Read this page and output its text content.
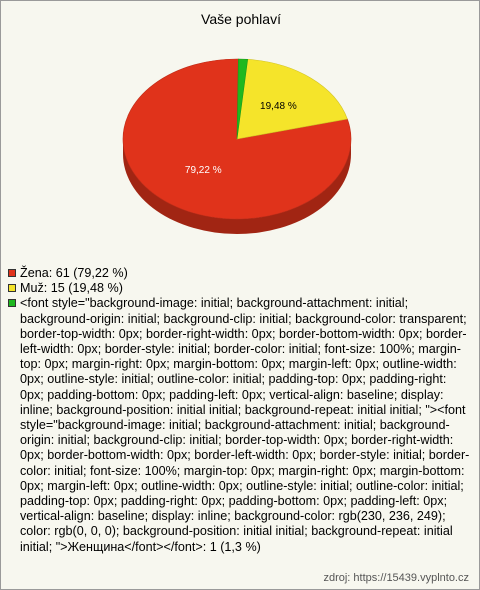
Vaše pohlaví
79,22 %
19,48 %
Žena: 61 (79,22 %)
Muž: 15 (19,48 %)
<font style="background-image: initial; background-attachment: initial; background-origin: initial; background-clip: initial; background-color: transparent; border-top-width: 0px; border-right-width: 0px; border-bottom-width: 0px; border-left-width: 0px; border-style: initial; border-color: initial; font-size: 100%; margin-top: 0px; margin-right: 0px; margin-bottom: 0px; margin-left: 0px; outline-width: 0px; outline-style: initial; outline-color: initial; padding-top: 0px; padding-right: 0px; padding-bottom: 0px; padding-left: 0px; vertical-align: baseline; display: inline; background-position: initial initial; background-repeat: initial initial; "><font style="background-image: initial; background-attachment: initial; background-origin: initial; background-clip: initial; border-top-width: 0px; border-right-width: 0px; border-bottom-width: 0px; border-left-width: 0px; border-style: initial; border-color: initial; font-size: 100%; margin-top: 0px; margin-right: 0px; margin-bottom: 0px; margin-left: 0px; outline-width: 0px; outline-style: initial; outline-color: initial; padding-top: 0px; padding-right: 0px; padding-bottom: 0px; padding-left: 0px; vertical-align: baseline; display: inline; background-color: rgb(230, 236, 249); color: rgb(0, 0, 0); background-position: initial initial; background-repeat: initial initial; ">Женщина</font></font>: 1 (1,3 %)
zdroj: https://15439.vyplnto.cz
